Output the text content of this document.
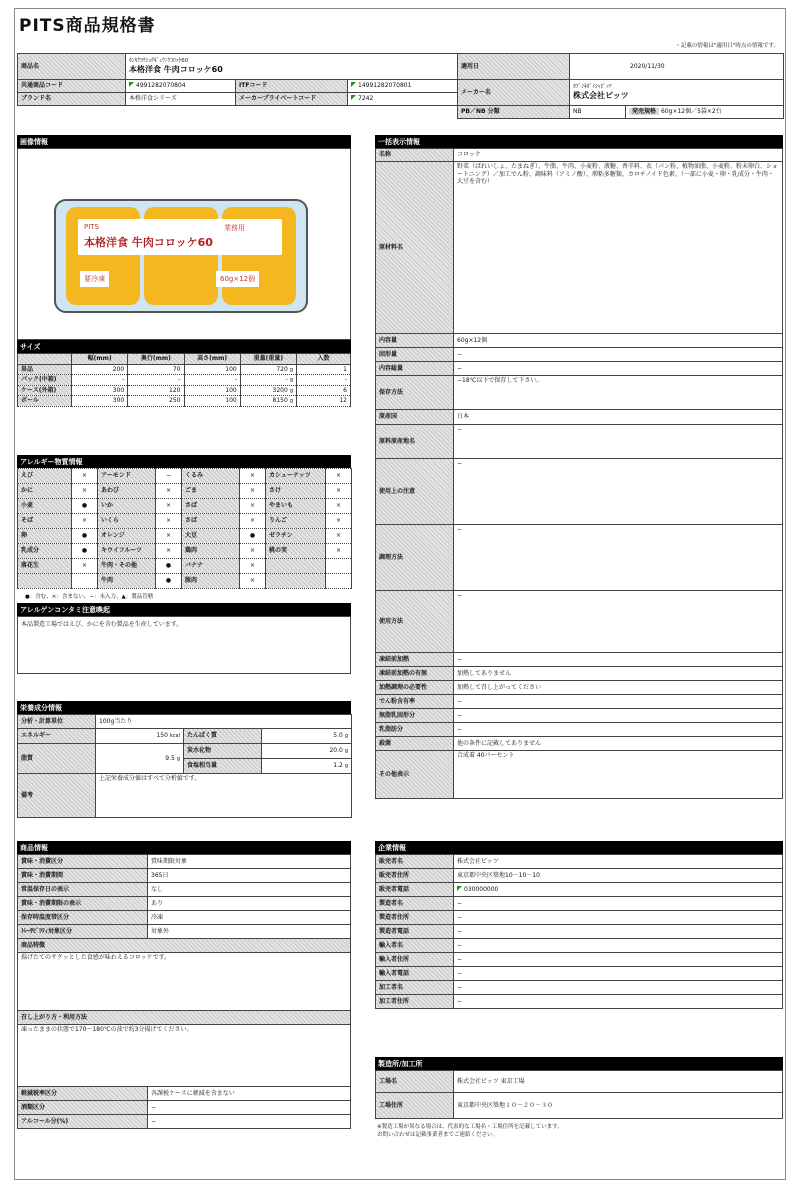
PITS商品規格書
・記載の情報は"適用日"時点の情報です。
商品名	ﾎﾝｶｸﾖｳｼｮｸｷﾞｭｳﾆｸｺﾛｯｹ60
本格洋食 牛肉コロッケ60			適用日	2020/11/30	
共通商品コード	4991282070804	ITFコード	14991282070801	メーカー名	ｶﾌﾞｼｷｶﾞｲｼｬﾋﾟｯﾂ
株式会社ピッツ	

ブランド名	本格洋食シリーズ	メーカープライベートコード	7242			
				PB／NB 分類	NB	発売規格 60g×12個／5袋×2台
画像情報
PITS	業務用
本格洋食 牛肉コロッケ60
要冷凍	60g×12個
サイズ
	幅(mm)	奥行(mm)	高さ(mm)	重量(重量)	入数
単品	200	70	100	720 g	1
パック(中箱)	-	-	-	- g	-
ケース(外箱)	300	120	100	3200 g	6
ボール	300	250	100	8150 g	12
アレルギー物質情報
えび	×	アーモンド	−	くるみ	×	カシューナッツ	×
かに	×	あわび	×	ごま	×	さけ	×
小麦	●	いか	×	さば	×	やまいも	×
そば	×	いくら	×	さば	×	りんご	×
卵	●	オレンジ	×	大豆	●	ゼラチン	×
乳成分	●	キウイフルーツ	×	鶏肉	×	桃の実	×
落花生	×	牛肉・その他	●	バナナ	×		
		牛肉	●	豚肉	×		
●：含む、×：含まない、−：未入力、▲：製品管轄
アレルゲンコンタミ注意喚起
本品製造工場ではえび、かにを含む製品を生産しています。
栄養成分情報
分析・計算単位	100g当たり		
エネルギー	150 kcal	たんぱく質	5.0 g
脂質	9.5 g	炭水化物	20.0 g
		食塩相当量	1.2 g
備考	上記栄養成分値はすべて分析値です。		
商品情報
賞味・消費区分	賞味期限対象
賞味・消費期間	365日
常温保存日の表示	なし
賞味・消費期限の表示	あり
保存時温度帯区分	冷凍
ﾄﾚｰｻﾋﾞﾘﾃｨ対象区分	対象外
商品特徴	
揚げたてのサクッとした食感が味わえるコロッケです。	
召し上がり方・利用方法	
凍ったままの状態で170〜180℃の油で約3分揚げてください。	
軽減税率区分	各課税ケースに軽減を含まない
酒類区分	−
アルコール分(%)	−
一括表示情報
名称	コロッケ
原材料名	野菜（ばれいしょ、たまねぎ）、牛脂、牛肉、小麦粉、液糖、香辛料、衣（パン粉、植物油脂、小麦粉、粉末卵白、ショートニング）／加工でん粉、調味料（アミノ酸）、増粘多糖類、カロチノイド色素、（一部に小麦・卵・乳成分・牛肉・大豆を含む）
内容量	60g×12個
固形量	−
内容総量	−
保存方法	−18℃以下で保存して下さい。
原産国	日本
原料原産地名	−
使用上の注意	−
調理方法	−
使用方法	−
凍結前加熱	−
凍結前加熱の有無	加熱してありません
加熱調理の必要性	加熱して召し上がってください
でん粉含有率	−
無脂乳固形分	−
乳脂肪分	−
殺菌	他の条件に記載してありません
その他表示	合成着 40パーセント
企業情報
販売者名	株式会社ピッツ
販売者住所	東京都中央区築地10－10－10
販売者電話	030000000
製造者名	−
製造者住所	−
製造者電話	−
輸入者名	−
輸入者住所	−
輸入者電話	−
加工者名	−
加工者住所	−
製造所/加工所
工場名	株式会社ピッツ 東京工場
工場住所	東京都中央区築地１０－２０－３０
※製造工場が異なる場合は、代表的な工場名・工場住所を記載しています。
お問い合わせは記載事業者までご連絡ください。
